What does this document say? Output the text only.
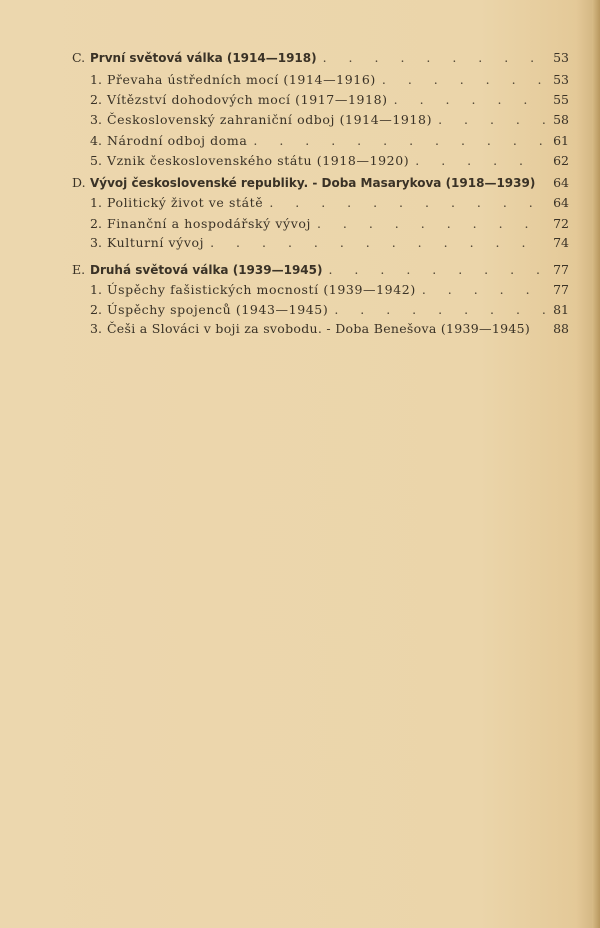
C. První světová válka (1914—1918) . . .	53
1. Převaha ústředních mocí (1914—1916) . . .	53
2. Vítězství dohodových mocí (1917—1918) . . .	55
3. Československý zahraniční odboj (1914—1918) . . .	58
4. Národní odboj doma . . .	61
5. Vznik československého státu (1918—1920) . . .	62
D. Vývoj československé republiky. - Doba Masarykova (1918—1939) 64
1. Politický život ve státě . . .	64
2. Finanční a hospodářský vývoj . . .	72
3. Kulturní vývoj . . .	74
E. Druhá světová válka (1939—1945) . . .	77
1. Úspěchy fašistických mocností (1939—1942) . . .	77
2. Úspěchy spojenců (1943—1945) . . .	81
3. Češi a Slováci v boji za svobodu. - Doba Benešova (1939—1945) 88
